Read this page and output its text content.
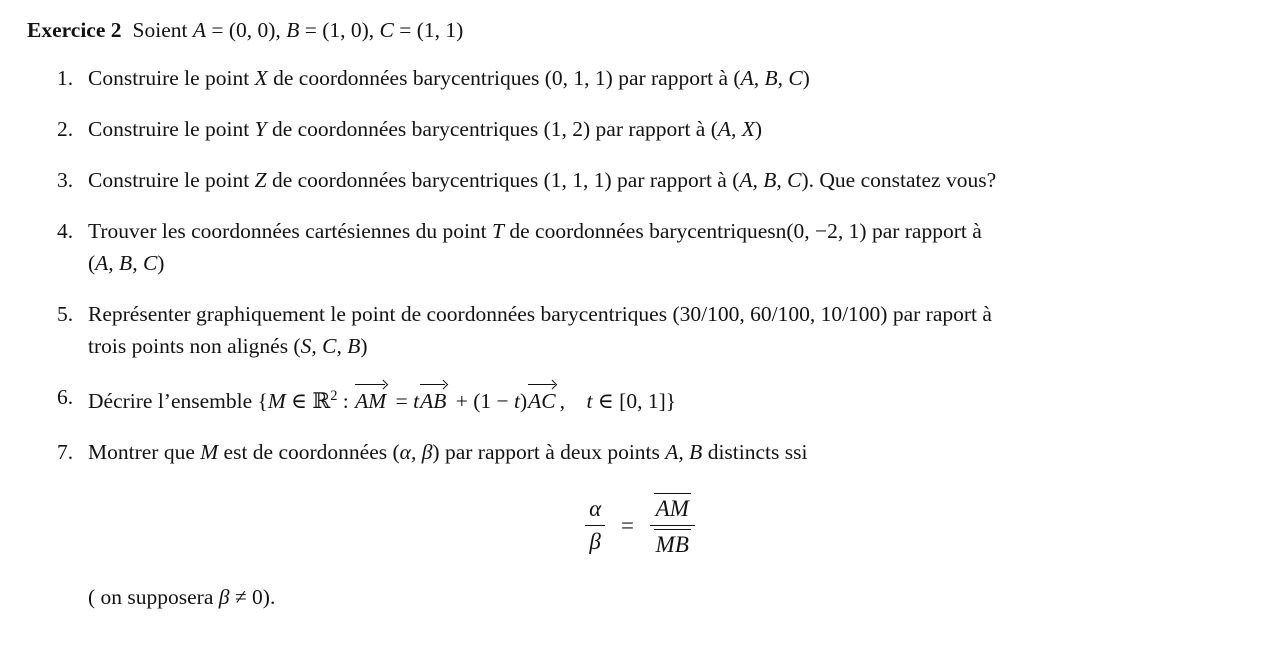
Exercice 2 Soient A = (0, 0), B = (1, 0), C = (1, 1)
1. Construire le point X de coordonnées barycentriques (0, 1, 1) par rapport à (A, B, C)
2. Construire le point Y de coordonnées barycentriques (1, 2) par rapport à (A, X)
3. Construire le point Z de coordonnées barycentriques (1, 1, 1) par rapport à (A, B, C). Que constatez vous?
4. Trouver les coordonnées cartésiennes du point T de coordonnées barycentriquesn(0, −2, 1) par rapport à
(A, B, C)
5. Représenter graphiquement le point de coordonnées barycentriques (30/100, 60/100, 10/100) par raport à
trois points non alignés (S, C, B)
6. Décrire l’ensemble {M ∈ ℝ$^2$ :
AM = t
AB + (1 − t)
AC , t ∈ [0, 1]}
7. Montrer que M est de coordonnées (α, β) par rapport à deux points A, B distincts ssi
$\frac{\alpha}{\beta} = \frac{AM}{MB}$
( on supposera β ≠ 0).
